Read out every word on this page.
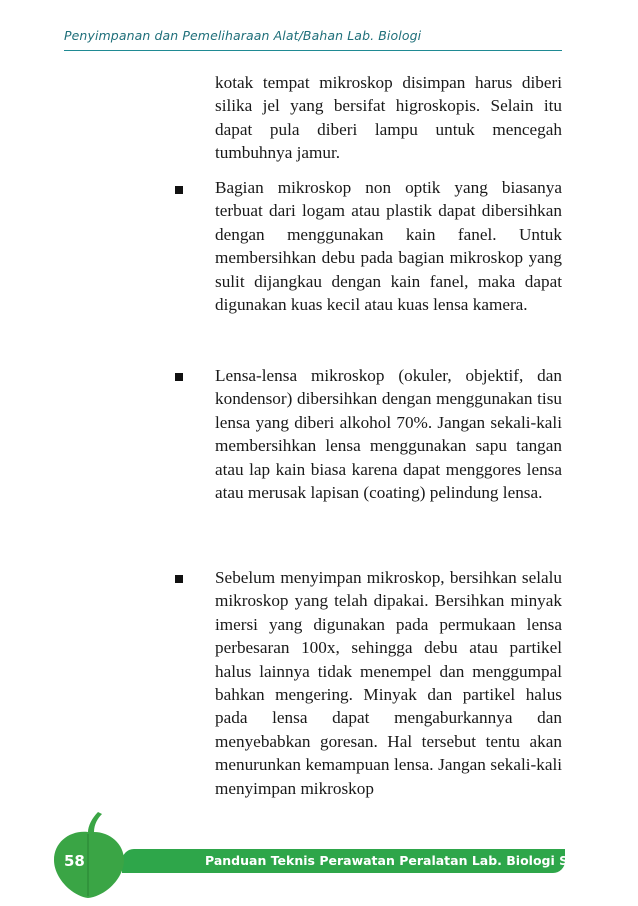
Penyimpanan dan Pemeliharaan Alat/Bahan Lab. Biologi

kotak tempat mikroskop disimpan harus diberi silika jel yang bersifat higroskopis. Selain itu dapat pula diberi lampu untuk mencegah tumbuhnya jamur.

Bagian mikroskop non optik yang biasanya terbuat dari logam atau plastik dapat dibersihkan dengan menggunakan kain fanel. Untuk membersihkan debu pada bagian mikroskop yang sulit dijangkau dengan kain fanel, maka dapat digunakan kuas kecil atau kuas lensa kamera.

Lensa-lensa mikroskop (okuler, objektif, dan kondensor) dibersihkan dengan menggunakan tisu lensa yang diberi alkohol 70%. Jangan sekali-kali membersihkan lensa menggunakan sapu tangan atau lap kain biasa karena dapat menggores lensa atau merusak lapisan (coating) pelindung lensa.

Sebelum menyimpan mikroskop, bersihkan selalu mikroskop yang telah dipakai. Bersihkan minyak imersi yang digunakan pada permukaan lensa perbesaran 100x, sehingga debu atau partikel halus lainnya tidak menempel dan menggumpal bahkan mengering. Minyak dan partikel halus pada lensa dapat mengaburkannya dan menyebabkan goresan. Hal tersebut tentu akan menurunkan kemampuan lensa. Jangan sekali-kali menyimpan mikroskop

58	Panduan Teknis Perawatan Peralatan Lab. Biologi SMA
